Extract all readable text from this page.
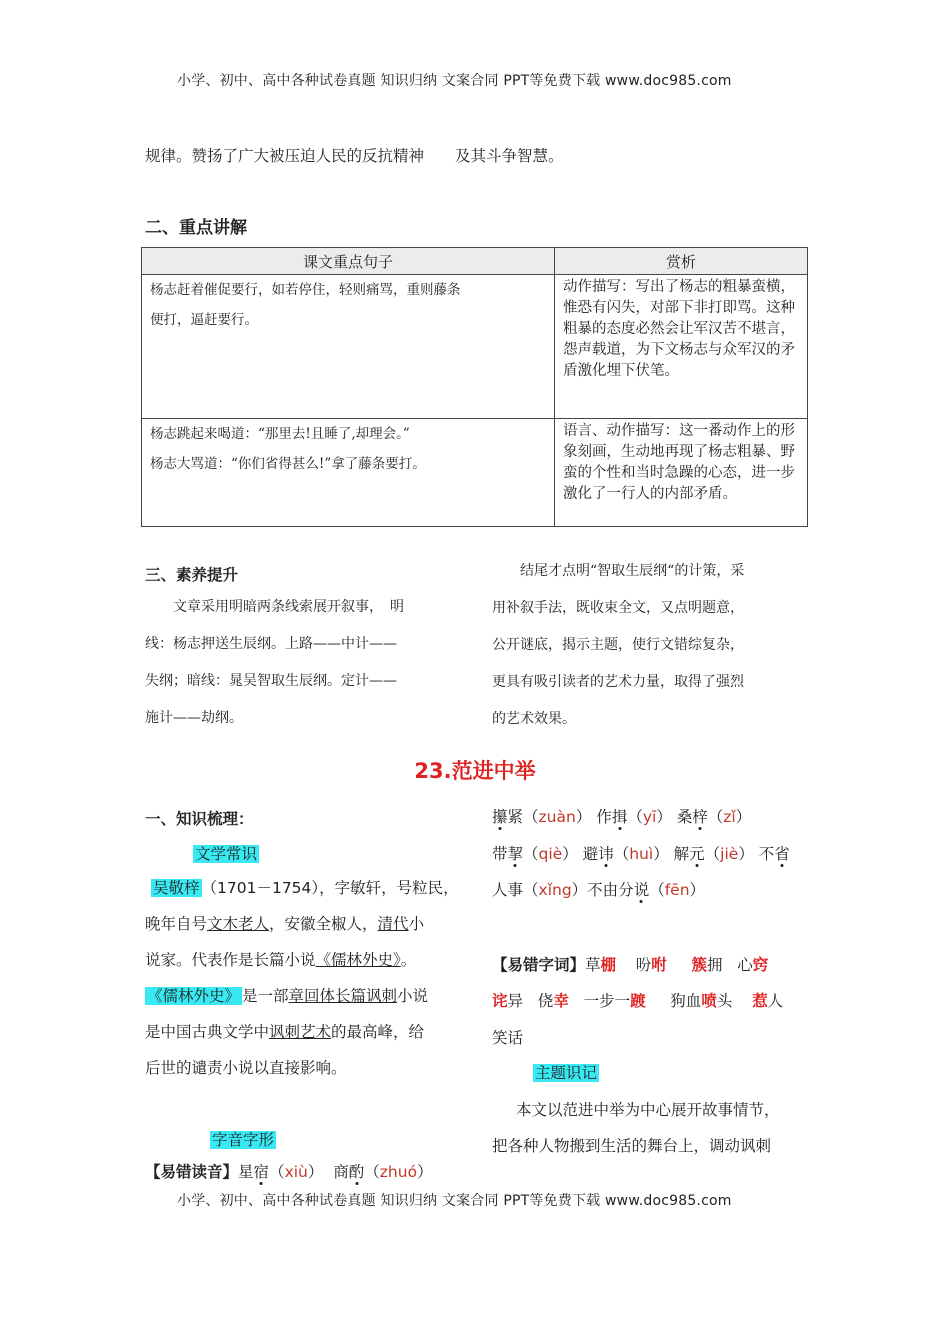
小学、初中、高中各种试卷真题 知识归纳 文案合同 PPT等免费下载 www.doc985.com
规律。赞扬了广大被压迫人民的反抗精神　　及其斗争智慧。
二、重点讲解
课文重点句子	赏析

杨志赶着催促要行，如若停住，轻则痛骂，重则藤条
便打，逼赶要行。	动作描写：写出了杨志的粗暴蛮横，惟恐有闪失，对部下非打即骂。这种粗暴的态度必然会让军汉苦不堪言，怨声载道，为下文杨志与众军汉的矛盾激化埋下伏笔。

杨志跳起来喝道：“那里去!且睡了,却理会。”
杨志大骂道：“你们省得甚么!”拿了藤条要打。	语言、动作描写：这一番动作上的形象刻画，生动地再现了杨志粗暴、野蛮的个性和当时急躁的心态，进一步激化了一行人的内部矛盾。
三、素养提升
文章采用明暗两条线索展开叙事，　明
线：杨志押送生辰纲。上路——中计——
失纲；暗线：晁吴智取生辰纲。定计——
施计——劫纲。
结尾才点明“智取生辰纲“的计策，采
用补叙手法，既收束全文，又点明题意，
公开谜底，揭示主题，使行文错综复杂，
更具有吸引读者的艺术力量，取得了强烈
的艺术效果。
23.范进中举
一、知识梳理：
文学常识
吴敬梓 （1701－1754），字敏轩，号粒民，
晚年自号文木老人，安徽全椒人，清代小
说家。代表作是长篇小说《儒林外史》。
《儒林外史》 是一部章回体长篇讽刺小说
是中国古典文学中讽刺艺术的最高峰，给
后世的谴责小说以直接影响。
字音字形
【易错读音】星宿（xiù）  商酌（zhuó）
攥紧（zuàn） 作揖（yī） 桑梓（zǐ）
带挈（qiè） 避讳（huì） 解元（jiè） 不省
人事（xǐng）不由分说（fēn）
【易错字词】草棚 吩咐 簇拥 心窍
诧异 侥幸 一步一踱 狗血喷头 惹人
笑话
主题识记
本文以范进中举为中心展开故事情节，
把各种人物搬到生活的舞台上，调动讽刺
小学、初中、高中各种试卷真题 知识归纳 文案合同 PPT等免费下载 www.doc985.com
